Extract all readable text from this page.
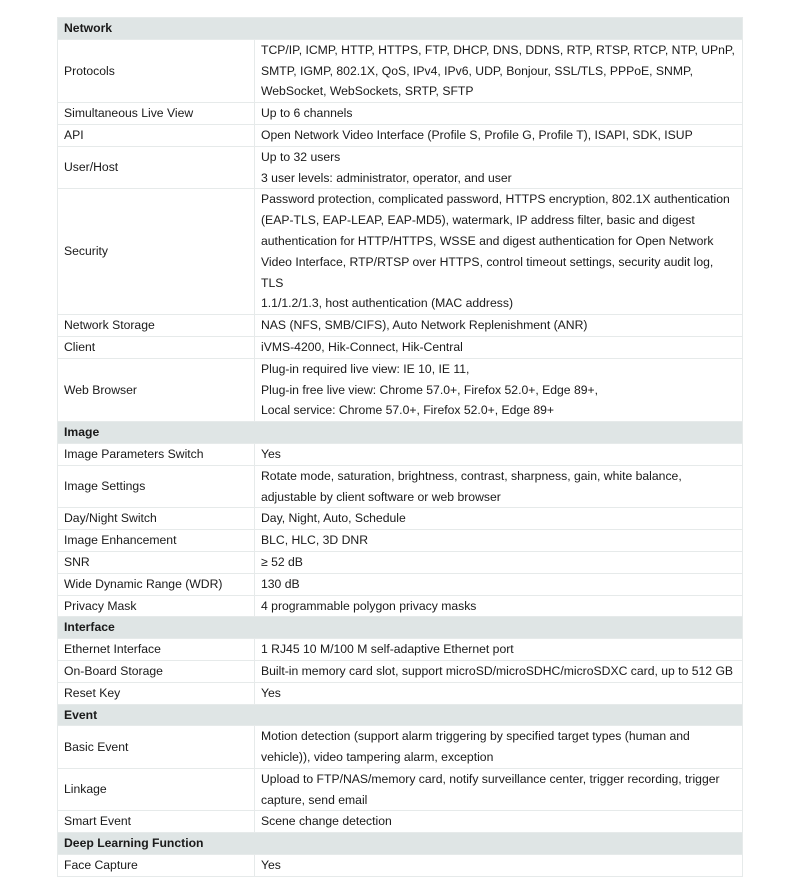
Network	
Protocols	TCP/IP, ICMP, HTTP, HTTPS, FTP, DHCP, DNS, DDNS, RTP, RTSP, RTCP, NTP, UPnP,
SMTP, IGMP, 802.1X, QoS, IPv4, IPv6, UDP, Bonjour, SSL/TLS, PPPoE, SNMP,
WebSocket, WebSockets, SRTP, SFTP

Simultaneous Live View	Up to 6 channels

API	Open Network Video Interface (Profile S, Profile G, Profile T), ISAPI, SDK, ISUP

User/Host	Up to 32 users
3 user levels: administrator, operator, and user

Security	Password protection, complicated password, HTTPS encryption, 802.1X authentication
(EAP-TLS, EAP-LEAP, EAP-MD5), watermark, IP address filter, basic and digest
authentication for HTTP/HTTPS, WSSE and digest authentication for Open Network
Video Interface, RTP/RTSP over HTTPS, control timeout settings, security audit log, TLS
1.1/1.2/1.3, host authentication (MAC address)

Network Storage	NAS (NFS, SMB/CIFS), Auto Network Replenishment (ANR)

Client	iVMS-4200, Hik-Connect, Hik-Central

Web Browser	Plug-in required live view: IE 10, IE 11,
Plug-in free live view: Chrome 57.0+, Firefox 52.0+, Edge 89+,
Local service: Chrome 57.0+, Firefox 52.0+, Edge 89+

Image	
Image Parameters Switch	Yes

Image Settings	Rotate mode, saturation, brightness, contrast, sharpness, gain, white balance,
adjustable by client software or web browser

Day/Night Switch	Day, Night, Auto, Schedule

Image Enhancement	BLC, HLC, 3D DNR

SNR	≥ 52 dB

Wide Dynamic Range (WDR)	130 dB

Privacy Mask	4 programmable polygon privacy masks

Interface	
Ethernet Interface	1 RJ45 10 M/100 M self-adaptive Ethernet port

On-Board Storage	Built-in memory card slot, support microSD/microSDHC/microSDXC card, up to 512 GB

Reset Key	Yes

Event	
Basic Event	Motion detection (support alarm triggering by specified target types (human and
vehicle)), video tampering alarm, exception

Linkage	Upload to FTP/NAS/memory card, notify surveillance center, trigger recording, trigger
capture, send email

Smart Event	Scene change detection

Deep Learning Function	
Face Capture	Yes
